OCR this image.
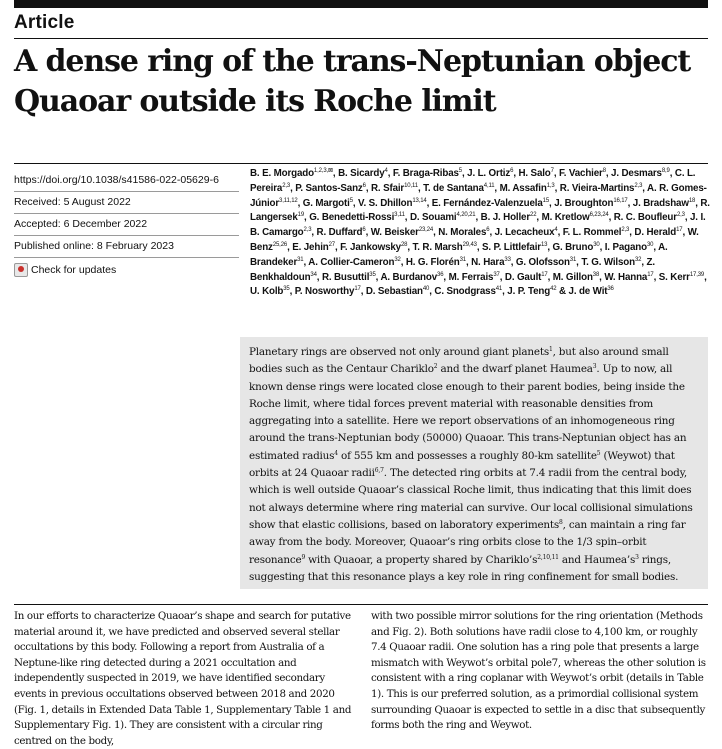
Article
A dense ring of the trans-Neptunian object Quaoar outside its Roche limit
https://doi.org/10.1038/s41586-022-05629-6
Received: 5 August 2022
Accepted: 6 December 2022
Published online: 8 February 2023
Check for updates

B. E. Morgado$^{1,2,3,⊠}$, B. Sicardy$^4$, F. Braga-Ribas$^5$, J. L. Ortiz$^6$, H. Salo$^7$, F. Vachier$^8$, J. Desmars$^{8,9}$, C. L. Pereira$^{2,3}$, P. Santos-Sanz$^6$, R. Sfair$^{10,11}$, T. de Santana$^{4,11}$, M. Assafin$^{1,3}$, R. Vieira-Martins$^{2,3}$, A. R. Gomes-Júnior$^{3,11,12}$, G. Margoti$^5$, V. S. Dhillon$^{13,14}$, E. Fernández-Valenzuela$^{15}$, J. Broughton$^{16,17}$, J. Bradshaw$^{18}$, R. Langersek$^{19}$, G. Benedetti-Rossi$^{3,11}$, D. Souami$^{4,20,21}$, B. J. Holler$^{22}$, M. Kretlow$^{6,23,24}$, R. C. Boufleur$^{2,3}$, J. I. B. Camargo$^{2,3}$, R. Duffard$^6$, W. Beisker$^{23,24}$, N. Morales$^6$, J. Lecacheux$^4$, F. L. Rommel$^{2,3}$, D. Herald$^{17}$, W. Benz$^{25,26}$, E. Jehin$^{27}$, F. Jankowsky$^{28}$, T. R. Marsh$^{29,43}$, S. P. Littlefair$^{13}$, G. Bruno$^{30}$, I. Pagano$^{30}$, A. Brandeker$^{31}$, A. Collier-Cameron$^{32}$, H. G. Florén$^{31}$, N. Hara$^{33}$, G. Olofsson$^{31}$, T. G. Wilson$^{32}$, Z. Benkhaldoun$^{34}$, R. Busuttil$^{35}$, A. Burdanov$^{36}$, M. Ferrais$^{37}$, D. Gault$^{17}$, M. Gillon$^{38}$, W. Hanna$^{17}$, S. Kerr$^{17,39}$, U. Kolb$^{35}$, P. Nosworthy$^{17}$, D. Sebastian$^{40}$, C. Snodgrass$^{41}$, J. P. Teng$^{42}$ & J. de Wit$^{36}$

Planetary rings are observed not only around giant planets$^1$, but also around small bodies such as the Centaur Chariklo$^2$ and the dwarf planet Haumea$^3$. Up to now, all known dense rings were located close enough to their parent bodies, being inside the Roche limit, where tidal forces prevent material with reasonable densities from aggregating into a satellite. Here we report observations of an inhomogeneous ring around the trans-Neptunian body (50000) Quaoar. This trans-Neptunian object has an estimated radius$^4$ of 555 km and possesses a roughly 80-km satellite$^5$ (Weywot) that orbits at 24 Quaoar radii$^{6,7}$. The detected ring orbits at 7.4 radii from the central body, which is well outside Quaoar’s classical Roche limit, thus indicating that this limit does not always determine where ring material can survive. Our local collisional simulations show that elastic collisions, based on laboratory experiments$^8$, can maintain a ring far away from the body. Moreover, Quaoar’s ring orbits close to the 1/3 spin–orbit resonance$^9$ with Quaoar, a property shared by $Chariklo’s^{2,10,11}$ and $Haumea’s^3$ rings, suggesting that this resonance plays a key role in ring confinement for small bodies.

In our efforts to characterize Quaoar’s shape and search for putative material around it, we have predicted and observed several stellar occultations by this body. Following a report from Australia of a Neptune-like ring detected during a 2021 occultation and independently suspected in 2019, we have identified secondary events in previous occultations observed between 2018 and 2020 (Fig. 1, details in Extended Data Table 1, Supplementary Table 1 and Supplementary Fig. 1). They are consistent with a circular ring centred on the body,

with two possible mirror solutions for the ring orientation (Methods and Fig. 2). Both solutions have radii close to 4,100 km, or roughly 7.4 Quaoar radii. One solution has a ring pole that presents a large mismatch with Weywot’s orbital pole7, whereas the other solution is consistent with a ring coplanar with Weywot’s orbit (details in Table 1). This is our preferred solution, as a primordial collisional system surrounding Quaoar is expected to settle in a disc that subsequently forms both the ring and Weywot.
